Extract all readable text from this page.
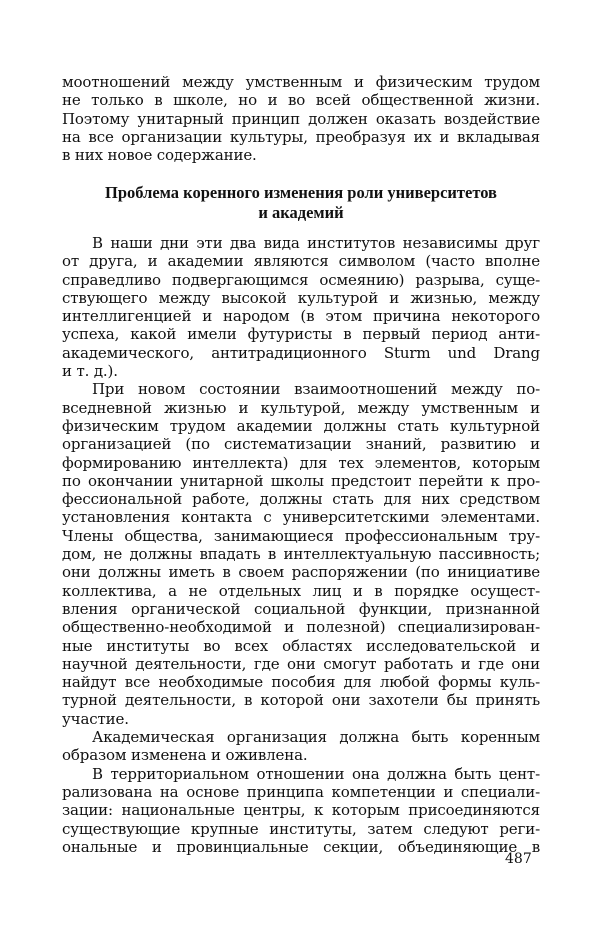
моотношений между умственным и физическим трудом
не только в школе, но и во всей общественной жизни.
Поэтому унитарный принцип должен оказать воздействие
на все организации культуры, преобразуя их и вкладывая
в них новое содержание.
Проблема коренного изменения роли университетов
и академий
В наши дни эти два вида институтов независимы друг
от друга, и академии являются символом (часто вполне
справедливо подвергающимся осмеянию) разрыва, суще-
ствующего между высокой культурой и жизнью, между
интеллигенцией и народом (в этом причина некоторого
успеха, какой имели футуристы в первый период анти-
академического, антитрадиционного Sturm und Drang
и т. д.).
При новом состоянии взаимоотношений между по-
вседневной жизнью и культурой, между умственным и
физическим трудом академии должны стать культурной
организацией (по систематизации знаний, развитию и
формированию интеллекта) для тех элементов, которым
по окончании унитарной школы предстоит перейти к про-
фессиональной работе, должны стать для них средством
установления контакта с университетскими элементами.
Члены общества, занимающиеся профессиональным тру-
дом, не должны впадать в интеллектуальную пассивность;
они должны иметь в своем распоряжении (по инициативе
коллектива, а не отдельных лиц и в порядке осущест-
вления органической социальной функции, признанной
общественно-необходимой и полезной) специализирован-
ные институты во всех областях исследовательской и
научной деятельности, где они смогут работать и где они
найдут все необходимые пособия для любой формы куль-
турной деятельности, в которой они захотели бы принять
участие.
Академическая организация должна быть коренным
образом изменена и оживлена.
В территориальном отношении она должна быть цент-
рализована на основе принципа компетенции и специали-
зации: национальные центры, к которым присоединяются
существующие крупные институты, затем следуют реги-
ональные и провинциальные секции, объединяющие в
487
